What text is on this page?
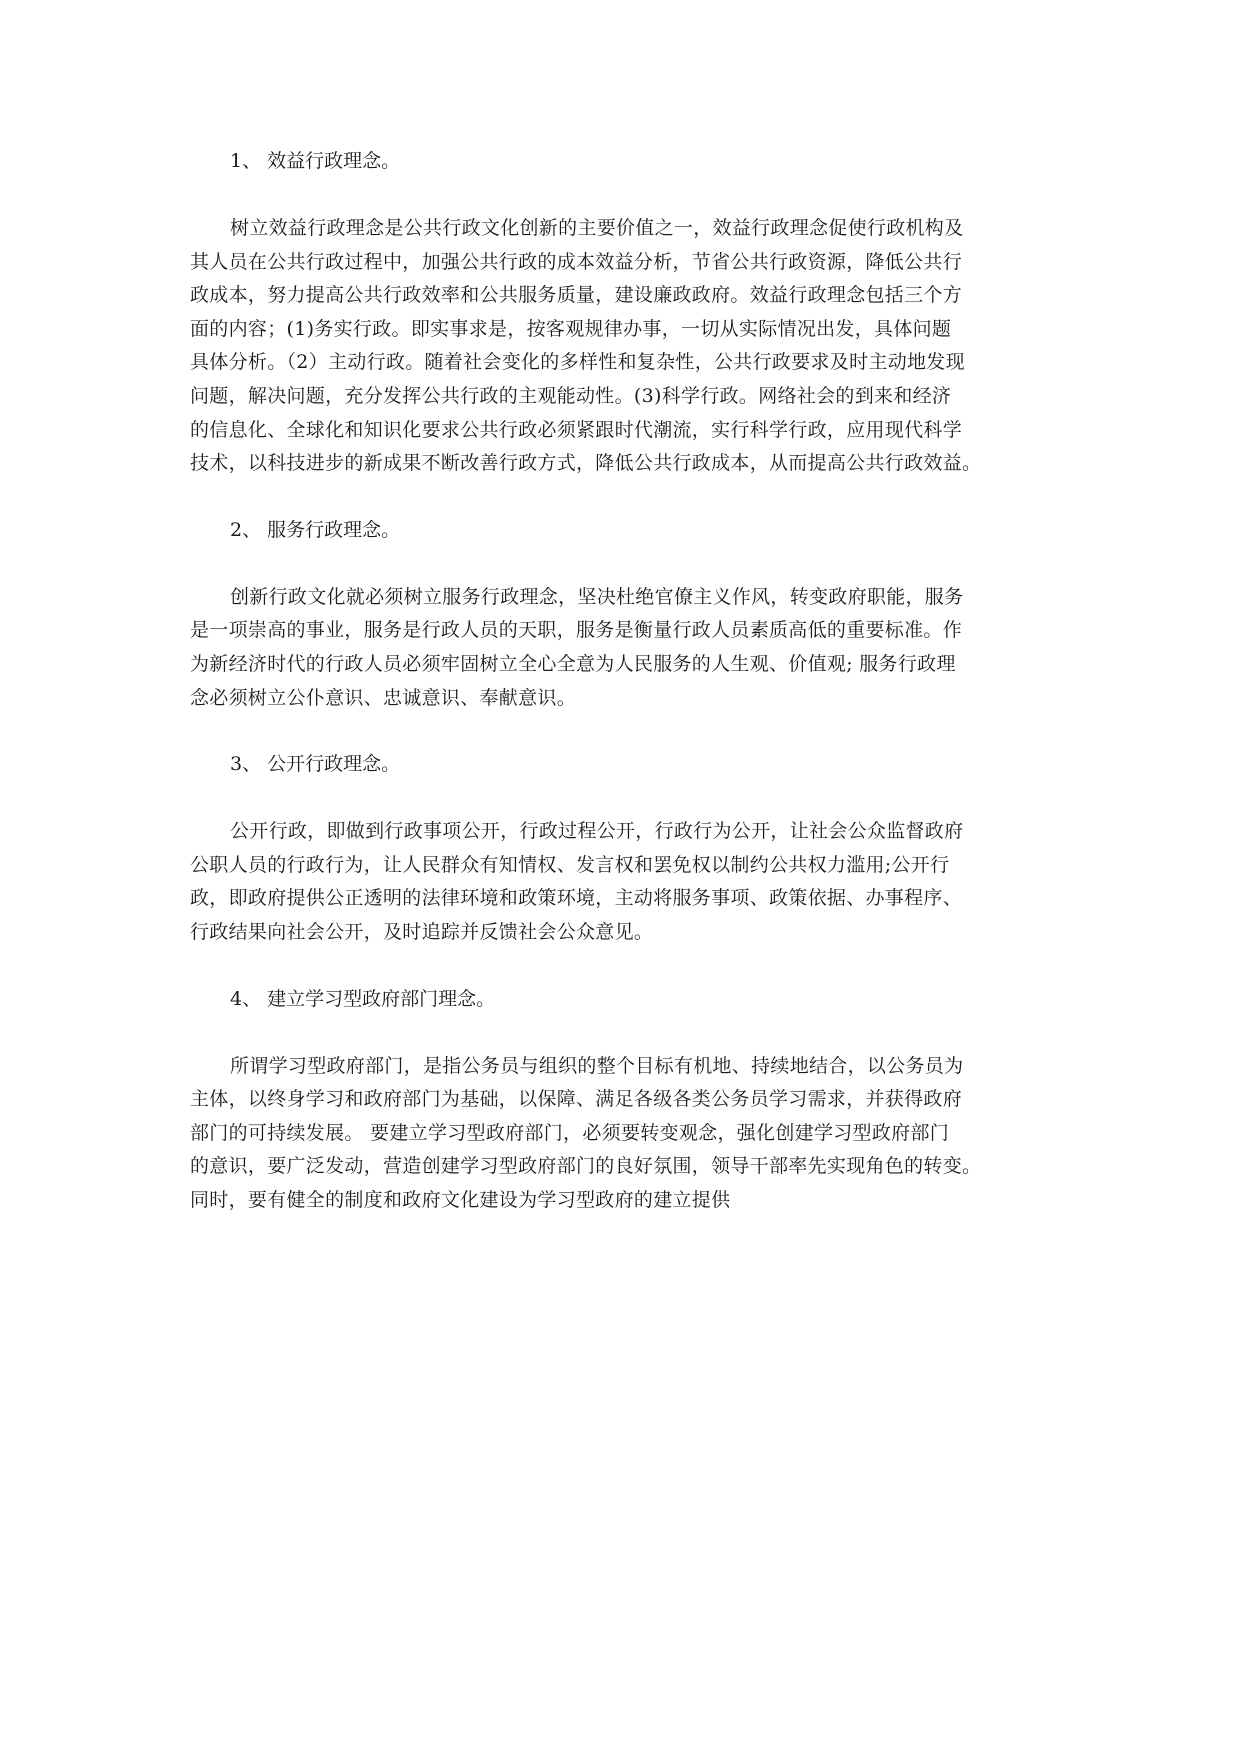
1、 效益行政理念。
树立效益行政理念是公共行政文化创新的主要价值之一，效益行政理念促使行政机构及
其人员在公共行政过程中，加强公共行政的成本效益分析，节省公共行政资源，降低公共行
政成本，努力提高公共行政效率和公共服务质量，建设廉政政府。效益行政理念包括三个方
面的内容；(1)务实行政。即实事求是，按客观规律办事，一切从实际情况出发，具体问题
具体分析。（2）主动行政。随着社会变化的多样性和复杂性，公共行政要求及时主动地发现
问题，解决问题，充分发挥公共行政的主观能动性。(3)科学行政。网络社会的到来和经济
的信息化、全球化和知识化要求公共行政必须紧跟时代潮流，实行科学行政，应用现代科学
技术，以科技进步的新成果不断改善行政方式，降低公共行政成本，从而提高公共行政效益。
2、 服务行政理念。
创新行政文化就必须树立服务行政理念，坚决杜绝官僚主义作风，转变政府职能，服务
是一项崇高的事业，服务是行政人员的天职，服务是衡量行政人员素质高低的重要标准。作
为新经济时代的行政人员必须牢固树立全心全意为人民服务的人生观、价值观; 服务行政理
念必须树立公仆意识、忠诚意识、奉献意识。
3、 公开行政理念。
公开行政，即做到行政事项公开，行政过程公开，行政行为公开，让社会公众监督政府
公职人员的行政行为，让人民群众有知情权、发言权和罢免权以制约公共权力滥用;公开行
政，即政府提供公正透明的法律环境和政策环境，主动将服务事项、政策依据、办事程序、
行政结果向社会公开，及时追踪并反馈社会公众意见。
4、 建立学习型政府部门理念。
所谓学习型政府部门，是指公务员与组织的整个目标有机地、持续地结合，以公务员为
主体，以终身学习和政府部门为基础，以保障、满足各级各类公务员学习需求，并获得政府
部门的可持续发展。 要建立学习型政府部门，必须要转变观念，强化创建学习型政府部门
的意识，要广泛发动，营造创建学习型政府部门的良好氛围，领导干部率先实现角色的转变。
同时，要有健全的制度和政府文化建设为学习型政府的建立提供
